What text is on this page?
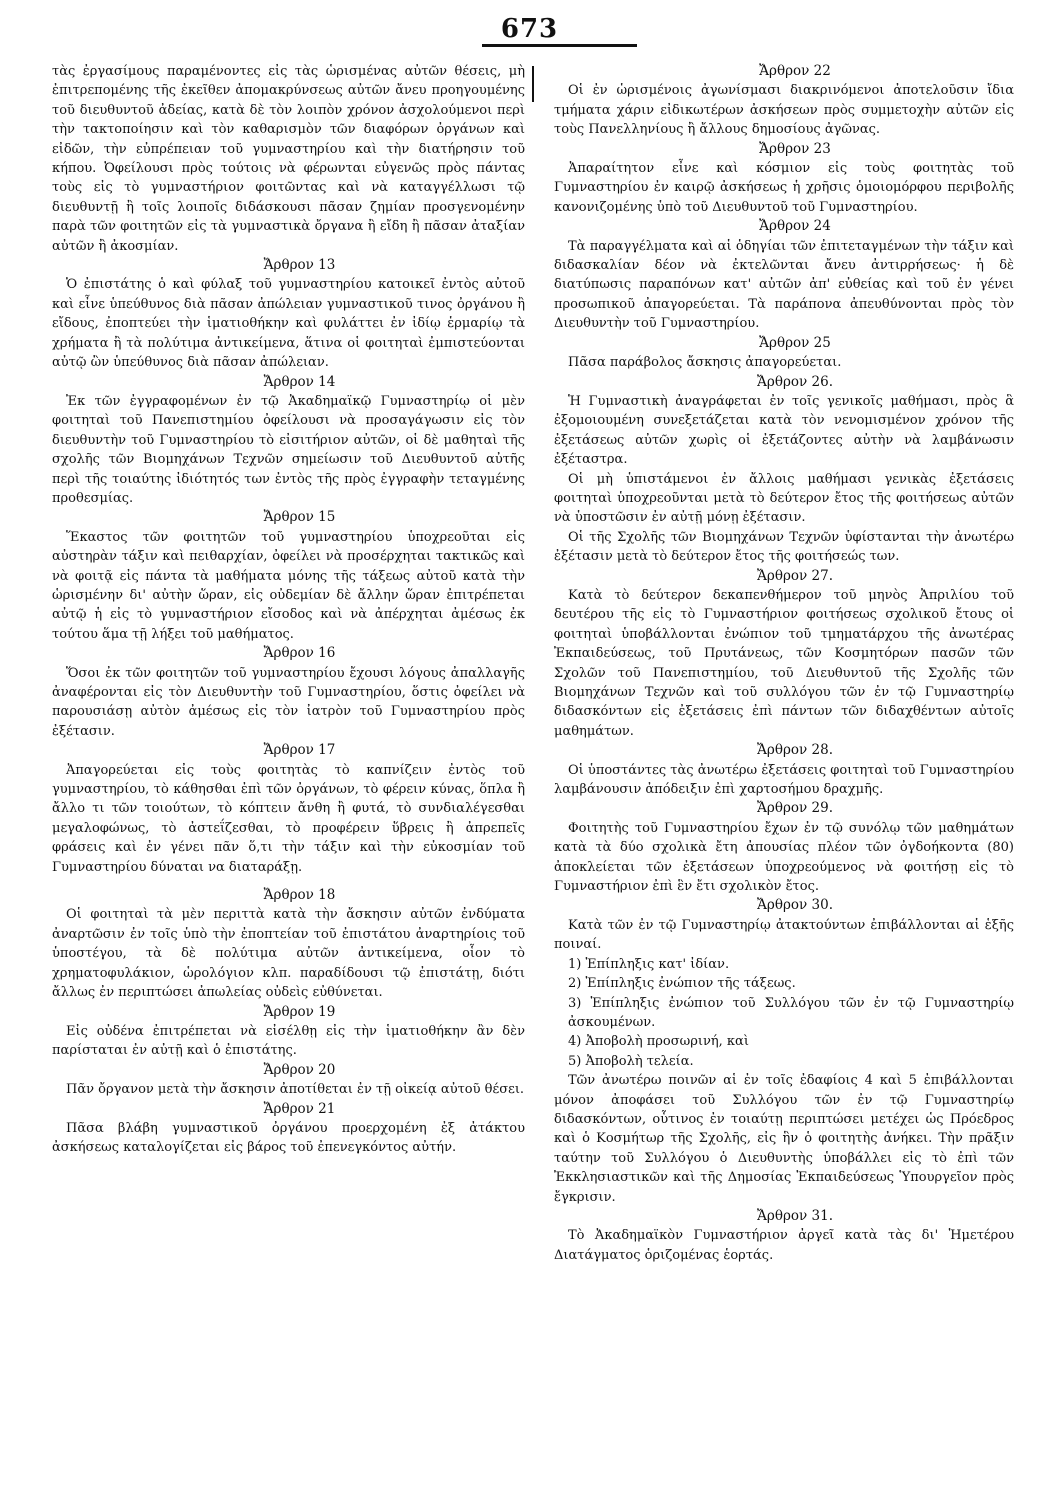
673

τὰς ἐργασίμους παραμένοντες εἰς τὰς ὡρισμένας αὐτῶν θέσεις, μὴ ἐπιτρεπομένης τῆς ἐκεῖθεν ἀπομακρύνσεως αὐτῶν ἄνευ προηγουμένης τοῦ διευθυντοῦ ἀδείας, κατὰ δὲ τὸν λοιπὸν χρόνον ἀσχολούμενοι περὶ τὴν τακτοποίησιν καὶ τὸν καθαρισμὸν τῶν διαφόρων ὀργάνων καὶ εἰδῶν, τὴν εὐπρέπειαν τοῦ γυμναστηρίου καὶ τὴν διατήρησιν τοῦ κήπου. Ὀφείλουσι πρὸς τούτοις νὰ φέρωνται εὐγενῶς πρὸς πάντας τοὺς εἰς τὸ γυμναστήριον φοιτῶντας καὶ νὰ καταγγέλλωσι τῷ διευθυντῇ ἢ τοῖς λοιποῖς διδάσκουσι πᾶσαν ζημίαν προσγενομένην παρὰ τῶν φοιτητῶν εἰς τὰ γυμναστικὰ ὄργανα ἢ εἴδη ἢ πᾶσαν ἀταξίαν αὐτῶν ἢ ἀκοσμίαν.

Ἄρθρον 13

Ὁ ἐπιστάτης ὁ καὶ φύλαξ τοῦ γυμναστηρίου κατοικεῖ ἐντὸς αὐτοῦ καὶ εἶνε ὑπεύθυνος διὰ πᾶσαν ἀπώλειαν γυμναστικοῦ τινος ὀργάνου ἢ εἴδους, ἐποπτεύει τὴν ἱματιοθήκην καὶ φυλάττει ἐν ἰδίῳ ἑρμαρίῳ τὰ χρήματα ἢ τὰ πολύτιμα ἀντικείμενα, ἅτινα οἱ φοιτηταὶ ἐμπιστεύονται αὐτῷ ὢν ὑπεύθυνος διὰ πᾶσαν ἀπώλειαν.

Ἄρθρον 14

Ἐκ τῶν ἐγγραφομένων ἐν τῷ Ἀκαδημαϊκῷ Γυμναστηρίῳ οἱ μὲν φοιτηταὶ τοῦ Πανεπιστημίου ὀφείλουσι νὰ προσαγάγωσιν εἰς τὸν διευθυντὴν τοῦ Γυμναστηρίου τὸ εἰσιτήριον αὐτῶν, οἱ δὲ μαθηταὶ τῆς σχολῆς τῶν Βιομηχάνων Τεχνῶν σημείωσιν τοῦ Διευθυντοῦ αὐτῆς περὶ τῆς τοιαύτης ἰδιότητός των ἐντὸς τῆς πρὸς ἐγγραφὴν τεταγμένης προθεσμίας.

Ἄρθρον 15

Ἕκαστος τῶν φοιτητῶν τοῦ γυμναστηρίου ὑποχρεοῦται εἰς αὐστηρὰν τάξιν καὶ πειθαρχίαν, ὀφείλει νὰ προσέρχηται τακτικῶς καὶ νὰ φοιτᾷ εἰς πάντα τὰ μαθήματα μόνης τῆς τάξεως αὐτοῦ κατὰ τὴν ὡρισμένην δι' αὐτὴν ὥραν, εἰς οὐδεμίαν δὲ ἄλλην ὥραν ἐπιτρέπεται αὐτῷ ἡ εἰς τὸ γυμναστήριον εἴσοδος καὶ νὰ ἀπέρχηται ἀμέσως ἐκ τούτου ἅμα τῇ λήξει τοῦ μαθήματος.

Ἄρθρον 16

Ὅσοι ἐκ τῶν φοιτητῶν τοῦ γυμναστηρίου ἔχουσι λόγους ἀπαλλαγῆς ἀναφέρονται εἰς τὸν Διευθυντὴν τοῦ Γυμναστηρίου, ὅστις ὀφείλει νὰ παρουσιάσῃ αὐτὸν ἀμέσως εἰς τὸν ἰατρὸν τοῦ Γυμναστηρίου πρὸς ἐξέτασιν.

Ἄρθρον 17

Ἀπαγορεύεται εἰς τοὺς φοιτητὰς τὸ καπνίζειν ἐντὸς τοῦ γυμναστηρίου, τὸ κάθησθαι ἐπὶ τῶν ὀργάνων, τὸ φέρειν κύνας, ὅπλα ἢ ἄλλο τι τῶν τοιούτων, τὸ κόπτειν ἄνθη ἢ φυτά, τὸ συνδιαλέγεσθαι μεγαλοφώνως, τὸ ἀστεΐζεσθαι, τὸ προφέρειν ὕβρεις ἢ ἀπρεπεῖς φράσεις καὶ ἐν γένει πᾶν ὅ,τι τὴν τάξιν καὶ τὴν εὐκοσμίαν τοῦ Γυμναστηρίου δύναται να διαταράξῃ.

Ἄρθρον 18

Οἱ φοιτηταὶ τὰ μὲν περιττὰ κατὰ τὴν ἄσκησιν αὐτῶν ἐνδύματα ἀναρτῶσιν ἐν τοῖς ὑπὸ τὴν ἐποπτείαν τοῦ ἐπιστάτου ἀναρτηρίοις τοῦ ὑποστέγου, τὰ δὲ πολύτιμα αὐτῶν ἀντικείμενα, οἷον τὸ χρηματοφυλάκιον, ὡρολόγιον κλπ. παραδίδουσι τῷ ἐπιστάτῃ, διότι ἄλλως ἐν περιπτώσει ἀπωλείας οὐδεὶς εὐθύνεται.

Ἄρθρον 19

Εἰς οὐδένα ἐπιτρέπεται νὰ εἰσέλθῃ εἰς τὴν ἱματιοθήκην ἂν δὲν παρίσταται ἐν αὐτῇ καὶ ὁ ἐπιστάτης.

Ἄρθρον 20

Πᾶν ὄργανον μετὰ τὴν ἄσκησιν ἀποτίθεται ἐν τῇ οἰκείᾳ αὐτοῦ θέσει.

Ἄρθρον 21

Πᾶσα βλάβη γυμναστικοῦ ὀργάνου προερχομένη ἐξ ἀτάκτου ἀσκήσεως καταλογίζεται εἰς βάρος τοῦ ἐπενεγκόντος αὐτήν.

Ἄρθρον 22

Οἱ ἐν ὡρισμένοις ἀγωνίσμασι διακρινόμενοι ἀποτελοῦσιν ἴδια τμήματα χάριν εἰδικωτέρων ἀσκήσεων πρὸς συμμετοχὴν αὐτῶν εἰς τοὺς Πανελληνίους ἢ ἄλλους δημοσίους ἀγῶνας.

Ἄρθρον 23

Ἀπαραίτητον εἶνε καὶ κόσμιον εἰς τοὺς φοιτητὰς τοῦ Γυμναστηρίου ἐν καιρῷ ἀσκήσεως ἡ χρῆσις ὁμοιομόρφου περιβολῆς κανονιζομένης ὑπὸ τοῦ Διευθυντοῦ τοῦ Γυμναστηρίου.

Ἄρθρον 24

Τὰ παραγγέλματα καὶ αἱ ὁδηγίαι τῶν ἐπιτεταγμένων τὴν τάξιν καὶ διδασκαλίαν δέον νὰ ἐκτελῶνται ἄνευ ἀντιρρήσεως· ἡ δὲ διατύπωσις παραπόνων κατ' αὐτῶν ἀπ' εὐθείας καὶ τοῦ ἐν γένει προσωπικοῦ ἀπαγορεύεται. Τὰ παράπονα ἀπευθύνονται πρὸς τὸν Διευθυντὴν τοῦ Γυμναστηρίου.

Ἄρθρον 25

Πᾶσα παράβολος ἄσκησις ἀπαγορεύεται.

Ἄρθρον 26.

Ἡ Γυμναστικὴ ἀναγράφεται ἐν τοῖς γενικοῖς μαθήμασι, πρὸς ἃ ἐξομοιουμένη συνεξετάζεται κατὰ τὸν νενομισμένον χρόνον τῆς ἐξετάσεως αὐτῶν χωρὶς οἱ ἐξετάζοντες αὐτὴν νὰ λαμβάνωσιν ἐξέταστρα.

Οἱ μὴ ὑπιστάμενοι ἐν ἄλλοις μαθήμασι γενικὰς ἐξετάσεις φοιτηταὶ ὑποχρεοῦνται μετὰ τὸ δεύτερον ἔτος τῆς φοιτήσεως αὐτῶν νὰ ὑποστῶσιν ἐν αὐτῇ μόνῃ ἐξέτασιν.

Οἱ τῆς Σχολῆς τῶν Βιομηχάνων Τεχνῶν ὑφίστανται τὴν ἀνωτέρω ἐξέτασιν μετὰ τὸ δεύτερον ἔτος τῆς φοιτήσεώς των.

Ἄρθρον 27.

Κατὰ τὸ δεύτερον δεκαπενθήμερον τοῦ μηνὸς Ἀπριλίου τοῦ δευτέρου τῆς εἰς τὸ Γυμναστήριον φοιτήσεως σχολικοῦ ἔτους οἱ φοιτηταὶ ὑποβάλλονται ἐνώπιον τοῦ τμηματάρχου τῆς ἀνωτέρας Ἐκπαιδεύσεως, τοῦ Πρυτάνεως, τῶν Κοσμητόρων πασῶν τῶν Σχολῶν τοῦ Πανεπιστημίου, τοῦ Διευθυντοῦ τῆς Σχολῆς τῶν Βιομηχάνων Τεχνῶν καὶ τοῦ συλλόγου τῶν ἐν τῷ Γυμναστηρίῳ διδασκόντων εἰς ἐξετάσεις ἐπὶ πάντων τῶν διδαχθέντων αὐτοῖς μαθημάτων.

Ἄρθρον 28.

Οἱ ὑποστάντες τὰς ἀνωτέρω ἐξετάσεις φοιτηταὶ τοῦ Γυμναστηρίου λαμβάνουσιν ἀπόδειξιν ἐπὶ χαρτοσήμου δραχμῆς.

Ἄρθρον 29.

Φοιτητὴς τοῦ Γυμναστηρίου ἔχων ἐν τῷ συνόλῳ τῶν μαθημάτων κατὰ τὰ δύο σχολικὰ ἔτη ἀπουσίας πλέον τῶν ὀγδοήκοντα (80) ἀποκλείεται τῶν ἐξετάσεων ὑποχρεούμενος νὰ φοιτήσῃ εἰς τὸ Γυμναστήριον ἐπὶ ἓν ἔτι σχολικὸν ἔτος.

Ἄρθρον 30.

Κατὰ τῶν ἐν τῷ Γυμναστηρίῳ ἀτακτούντων ἐπιβάλλονται αἱ ἑξῆς ποιναί.

1) Ἐπίπληξις κατ' ἰδίαν.

2) Ἐπίπληξις ἐνώπιον τῆς τάξεως.

3) Ἐπίπληξις ἐνώπιον τοῦ Συλλόγου τῶν ἐν τῷ Γυμναστηρίῳ ἀσκουμένων.

4) Ἀποβολὴ προσωρινή, καὶ

5) Ἀποβολὴ τελεία.

Τῶν ἀνωτέρω ποινῶν αἱ ἐν τοῖς ἐδαφίοις 4 καὶ 5 ἐπιβάλλονται μόνον ἀποφάσει τοῦ Συλλόγου τῶν ἐν τῷ Γυμναστηρίῳ διδασκόντων, οὗτινος ἐν τοιαύτῃ περιπτώσει μετέχει ὡς Πρόεδρος καὶ ὁ Κοσμήτωρ τῆς Σχολῆς, εἰς ἣν ὁ φοιτητὴς ἀνήκει. Τὴν πρᾶξιν ταύτην τοῦ Συλλόγου ὁ Διευθυντὴς ὑποβάλλει εἰς τὸ ἐπὶ τῶν Ἐκκλησιαστικῶν καὶ τῆς Δημοσίας Ἐκπαιδεύσεως Ὑπουργεῖον πρὸς ἔγκρισιν.

Ἄρθρον 31.

Τὸ Ἀκαδημαϊκὸν Γυμναστήριον ἀργεῖ κατὰ τὰς δι' Ἡμετέρου Διατάγματος ὁριζομένας ἑορτάς.
